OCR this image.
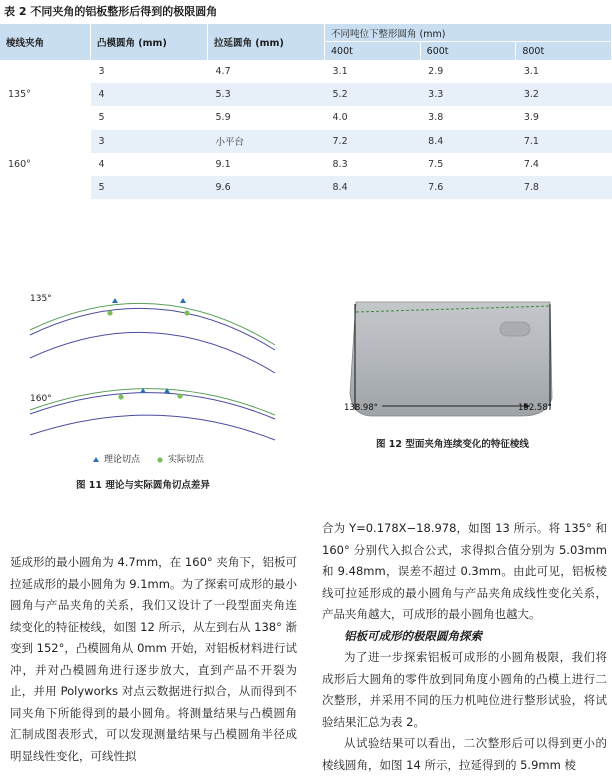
表 2 不同夹角的铝板整形后得到的极限圆角
棱线夹角	凸模圆角 (mm)	拉延圆角 (mm)	不同吨位下整形圆角 (mm)		
			400t	600t	800t
135°	3	4.7	3.1	2.9	3.1
	4	5.3	5.2	3.3	3.2
	5	5.9	4.0	3.8	3.9
160°	3	小平台	7.2	8.4	7.1
	4	9.1	8.3	7.5	7.4
	5	9.6	8.4	7.6	7.8
135°
160°
理论切点	实际切点
图 11 理论与实际圆角切点差异
138.98°	152.58°
图 12 型面夹角连续变化的特征棱线

延成形的最小圆角为 4.7mm，在 160° 夹角下，铝板可拉延成形的最小圆角为 9.1mm。为了探索可成形的最小圆角与产品夹角的关系，我们又设计了一段型面夹角连续变化的特征棱线，如图 12 所示，从左到右从 138° 渐变到 152°，凸模圆角从 0mm 开始，对铝板材料进行试冲，并对凸模圆角进行逐步放大，直到产品不开裂为止，并用 Polyworks 对点云数据进行拟合，从而得到不同夹角下所能得到的最小圆角。将测量结果与凸模圆角汇制成图表形式，可以发现测量结果与凸模圆角半径成明显线性变化，可线性拟

合为 Y=0.178X−18.978，如图 13 所示。将 135° 和 160° 分别代入拟合公式，求得拟合值分别为 5.03mm 和 9.48mm，误差不超过 0.3mm。由此可见，铝板棱线可拉延形成的最小圆角与产品夹角成线性变化关系，产品夹角越大，可成形的最小圆角也越大。

铝板可成形的极限圆角探索

为了进一步探索铝板可成形的小圆角极限，我们将成形后大圆角的零件放到同角度小圆角的凸模上进行二次整形，并采用不同的压力机吨位进行整形试验，将试验结果汇总为表 2。

从试验结果可以看出，二次整形后可以得到更小的棱线圆角，如图 14 所示，拉延得到的 5.9mm 棱
